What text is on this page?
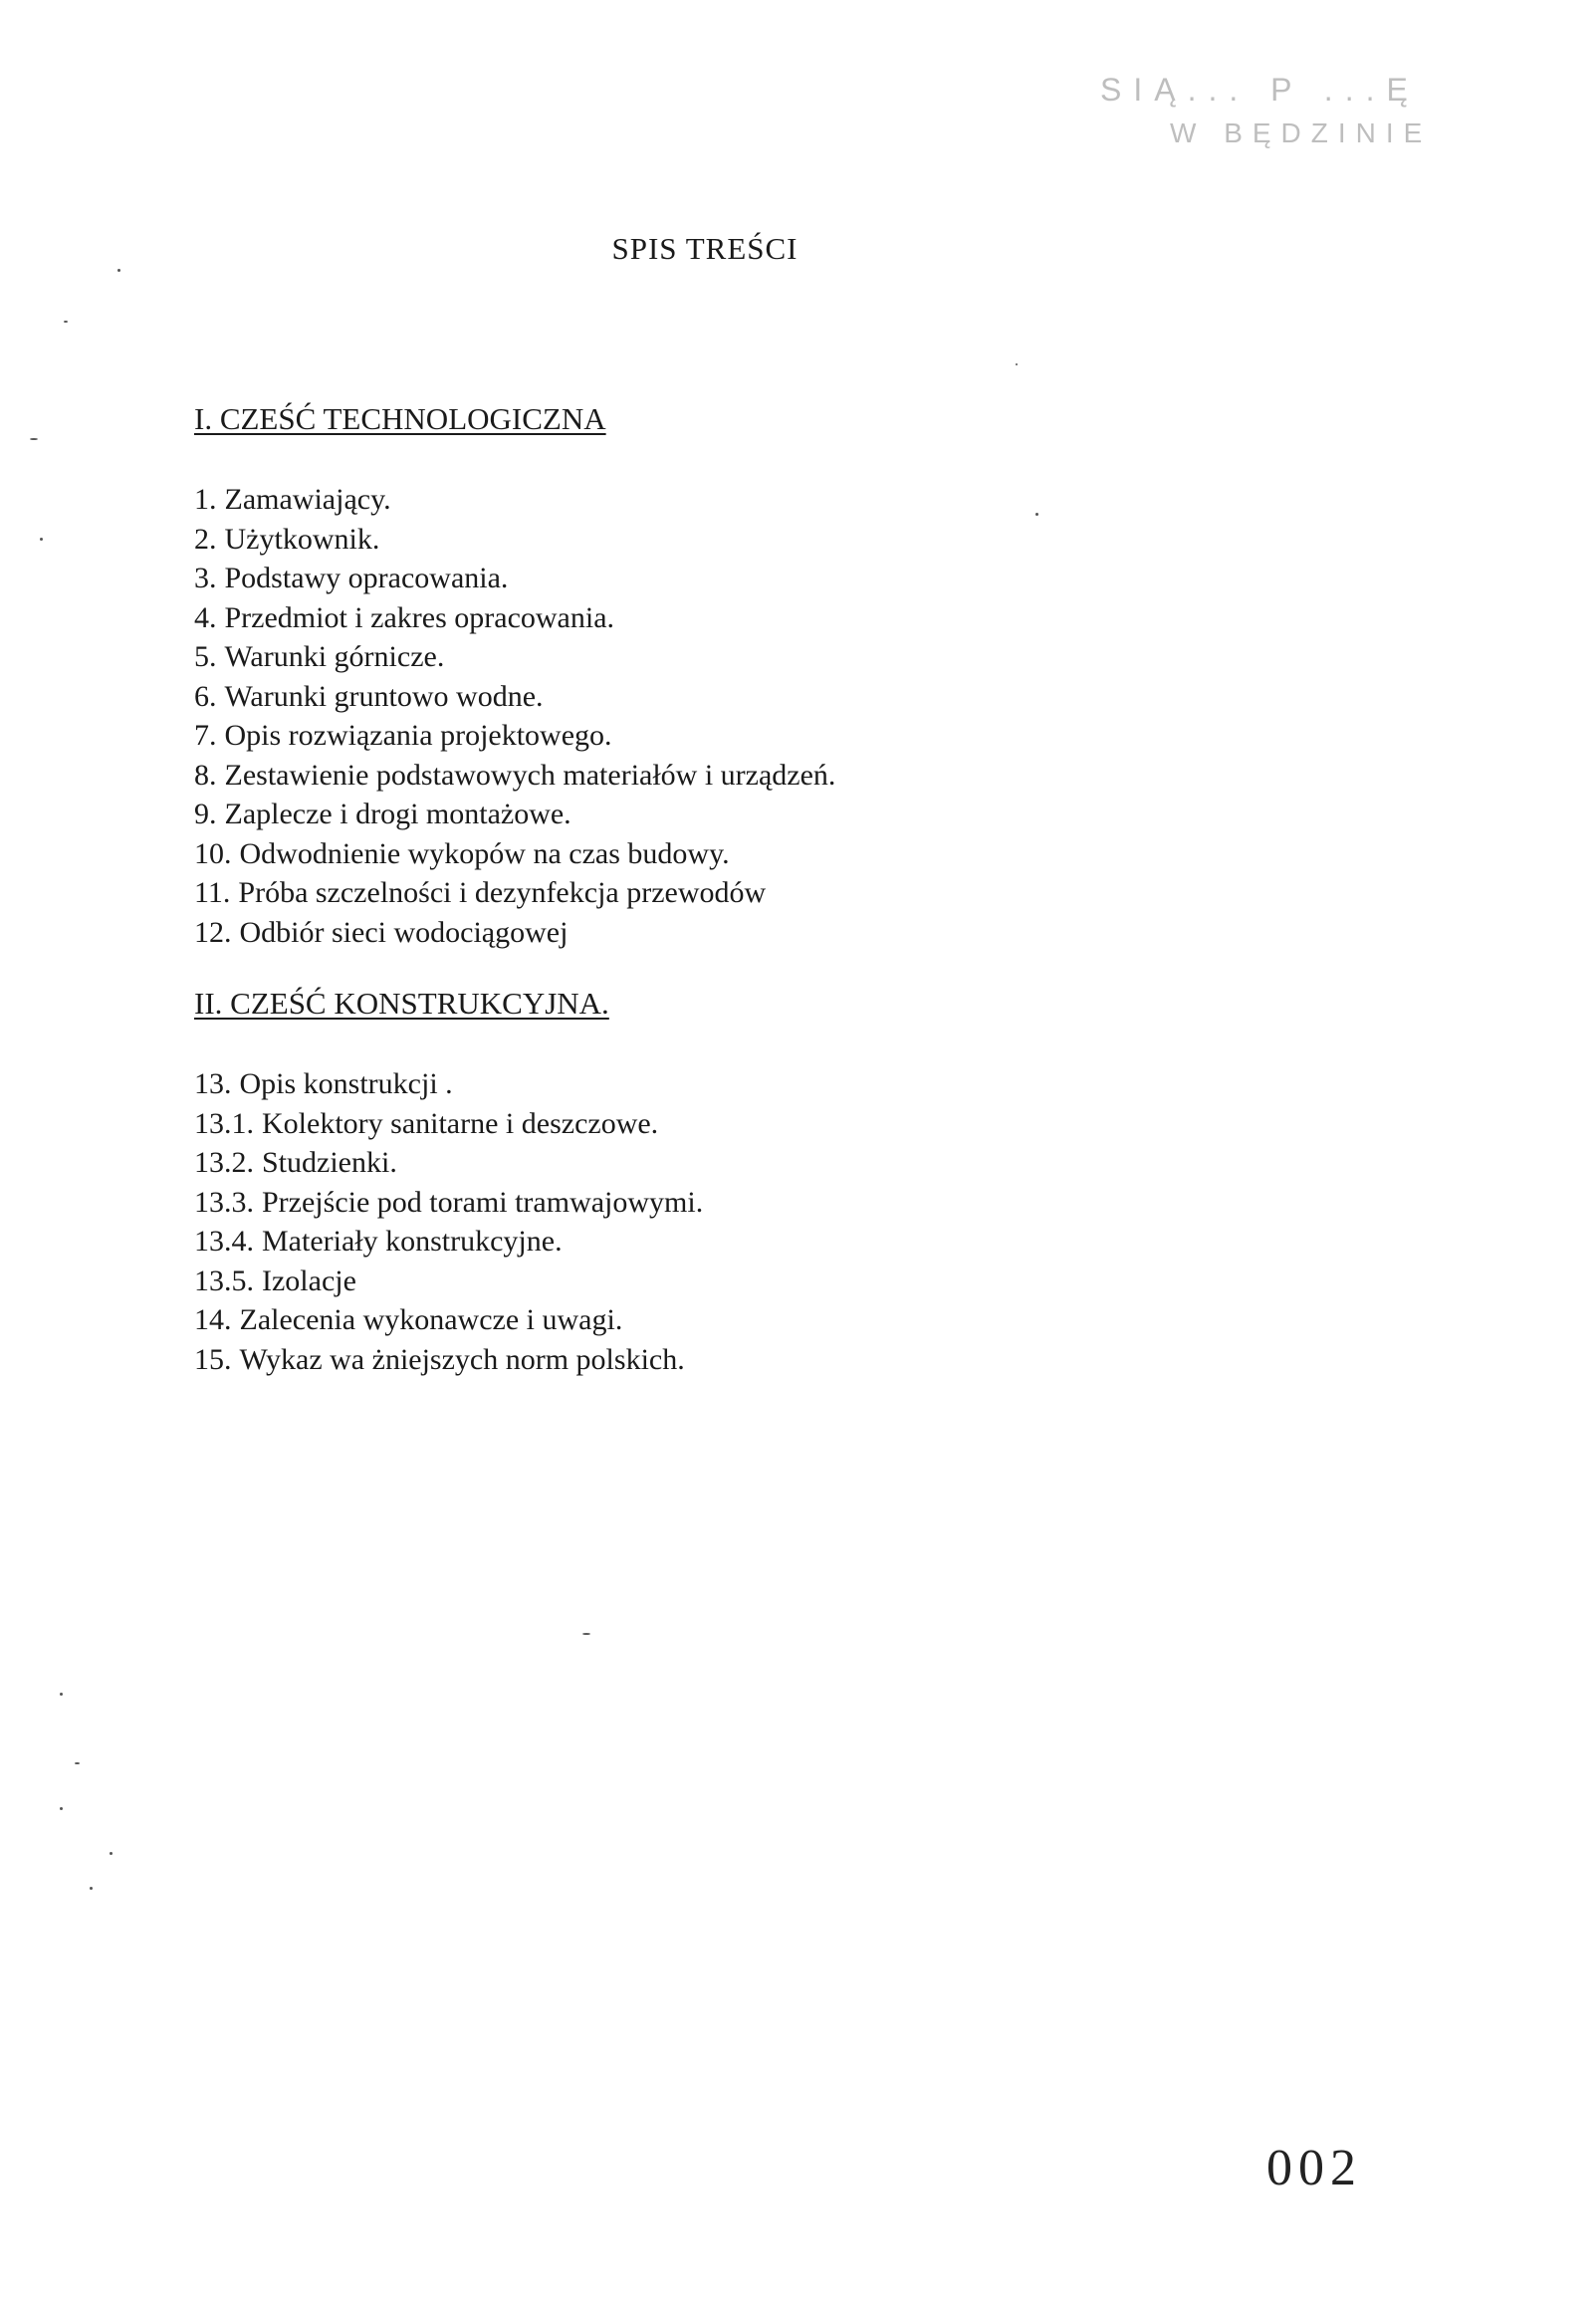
SIĄ... P ...Ę
W BĘDZINIE
SPIS TREŚCI
I. CZEŚĆ TECHNOLOGICZNA
1. Zamawiający.
2. Użytkownik.
3. Podstawy opracowania.
4. Przedmiot i zakres opracowania.
5. Warunki górnicze.
6. Warunki gruntowo wodne.
7. Opis rozwiązania projektowego.
8. Zestawienie podstawowych materiałów i urządzeń.
9. Zaplecze i drogi montażowe.
10. Odwodnienie wykopów na czas budowy.
11. Próba szczelności i dezynfekcja przewodów
12. Odbiór sieci wodociągowej
II. CZEŚĆ KONSTRUKCYJNA.
13. Opis konstrukcji .
13.1. Kolektory sanitarne i deszczowe.
13.2. Studzienki.
13.3. Przejście pod torami tramwajowymi.
13.4. Materiały konstrukcyjne.
13.5. Izolacje
14. Zalecenia wykonawcze i uwagi.
15. Wykaz wa żniejszych norm polskich.
002
